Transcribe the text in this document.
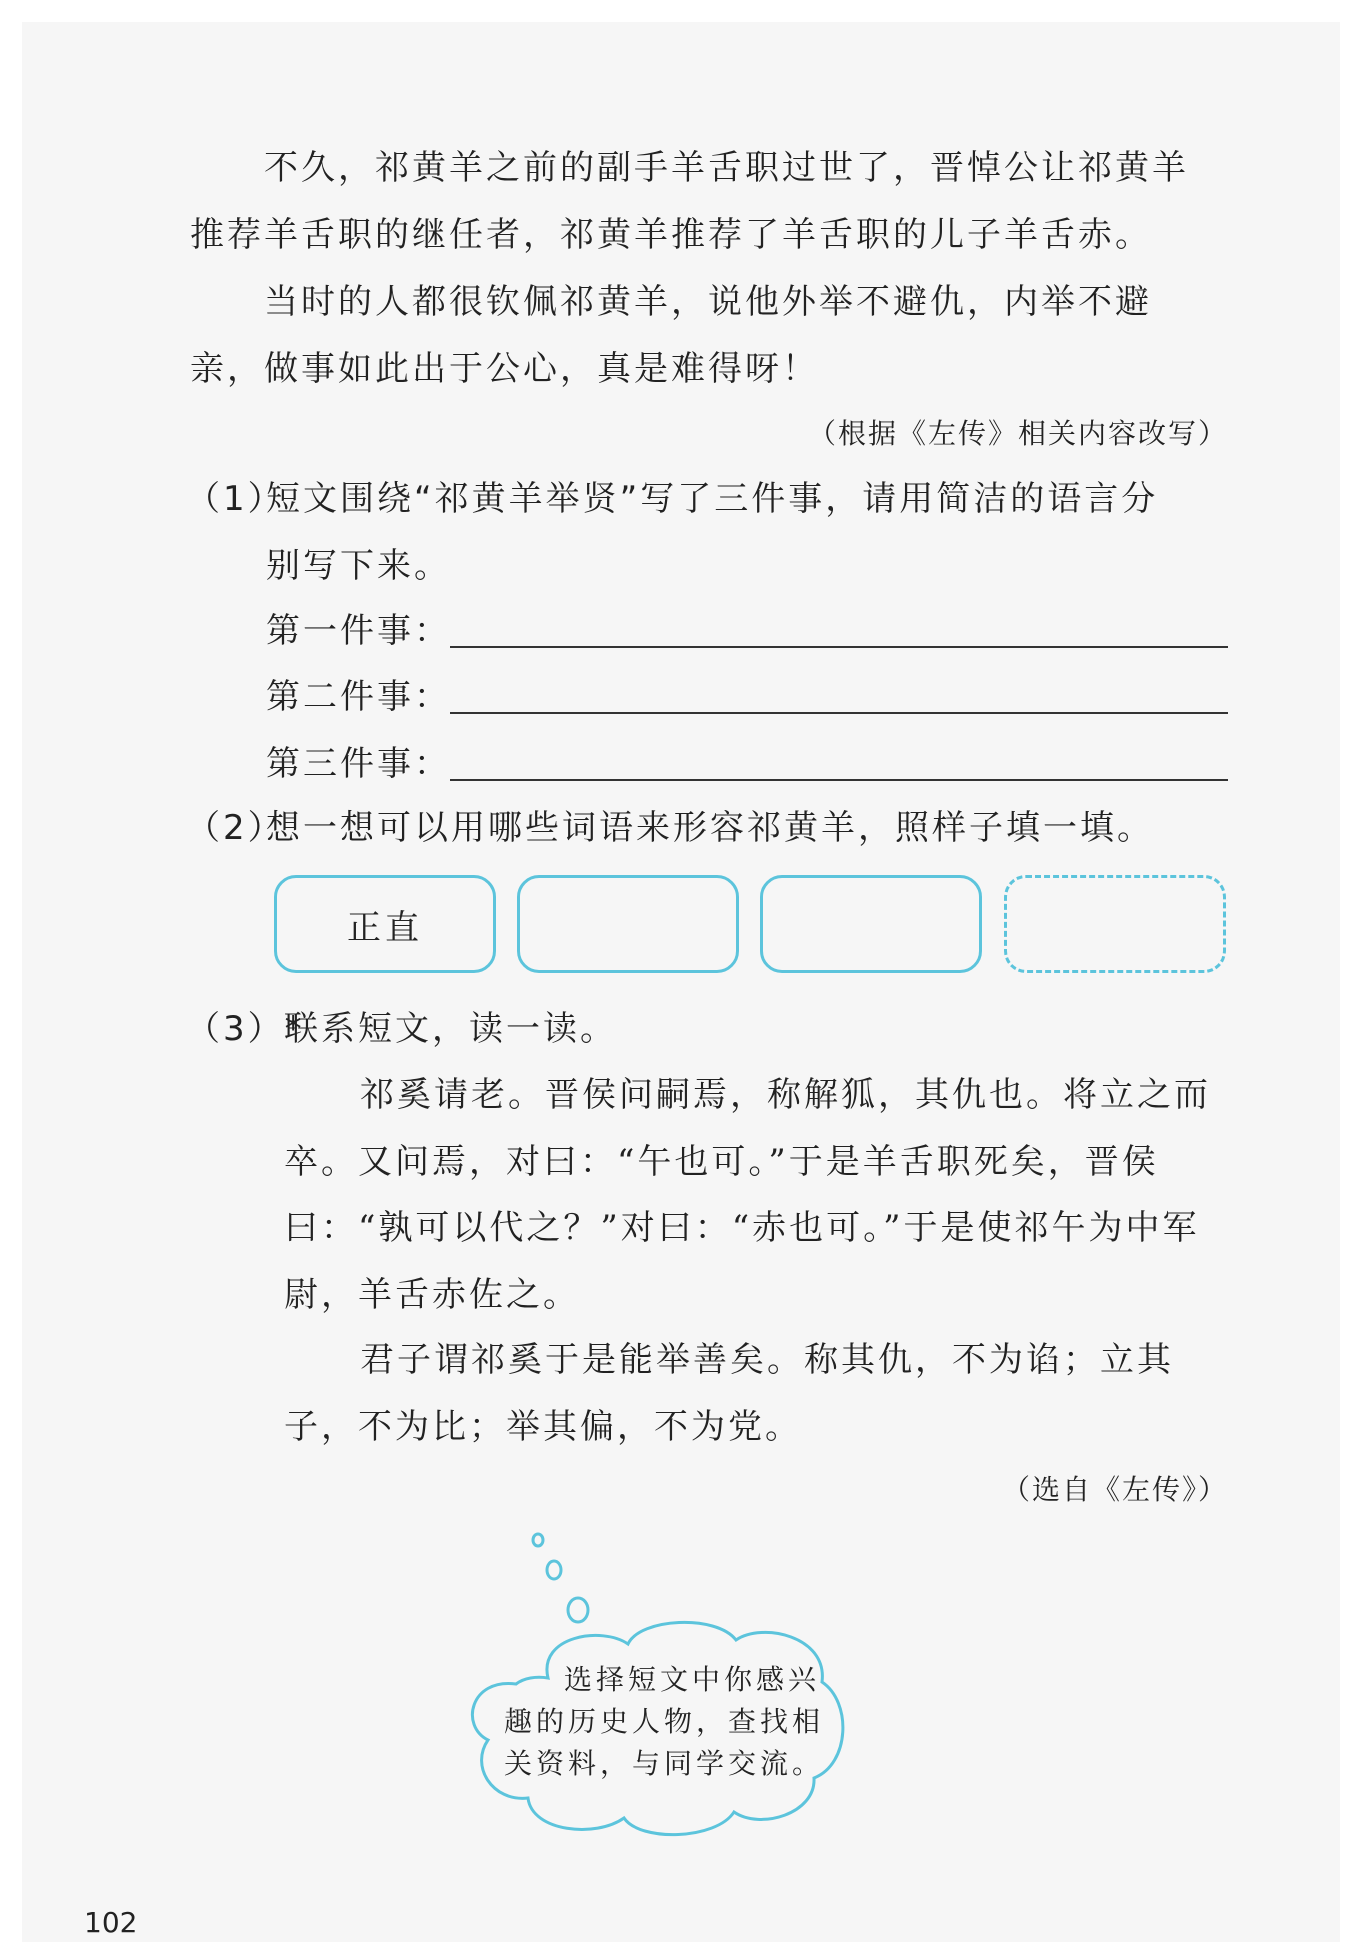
不久，祁黄羊之前的副手羊舌职过世了，晋悼公让祁黄羊
推荐羊舌职的继任者，祁黄羊推荐了羊舌职的儿子羊舌赤。
当时的人都很钦佩祁黄羊，说他外举不避仇，内举不避
亲，做事如此出于公心，真是难得呀！
（根据《左传》相关内容改写）
（1）
短文围绕“祁黄羊举贤”写了三件事，请用简洁的语言分
别写下来。
第一件事：
第二件事：
第三件事：
（2）
想一想可以用哪些词语来形容祁黄羊，照样子填一填。
正直
（3）*
联系短文，读一读。
祁奚请老。晋侯问嗣焉，称解狐，其仇也。将立之而
卒。又问焉，对曰：“午也可。”于是羊舌职死矣，晋侯
曰：“孰可以代之？”对曰：“赤也可。”于是使祁午为中军
尉，羊舌赤佐之。
君子谓祁奚于是能举善矣。称其仇，不为谄；立其
子，不为比；举其偏，不为党。
（选自《左传》）
选择短文中你感兴
趣的历史人物，查找相
关资料，与同学交流。
102
